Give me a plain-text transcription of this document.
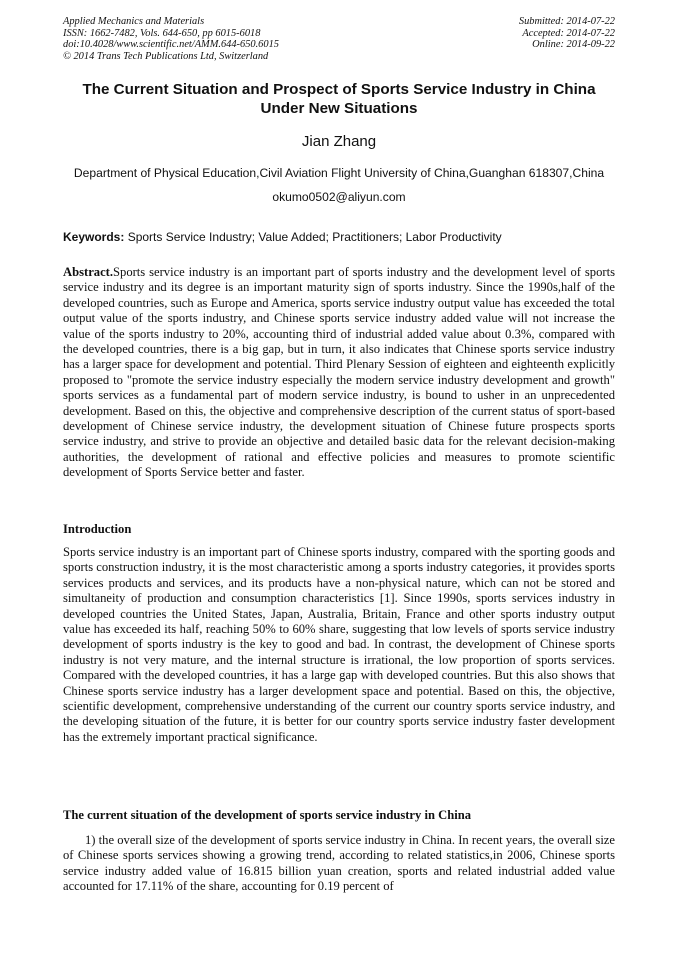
Applied Mechanics and Materials
ISSN: 1662-7482, Vols. 644-650, pp 6015-6018
doi:10.4028/www.scientific.net/AMM.644-650.6015
© 2014 Trans Tech Publications Ltd, Switzerland
Submitted: 2014-07-22
Accepted: 2014-07-22
Online: 2014-09-22
The Current Situation and Prospect of Sports Service Industry in China
Under New Situations
Jian Zhang
Department of Physical Education,Civil Aviation Flight University of China,Guanghan 618307,China
okumo0502@aliyun.com
Keywords: Sports Service Industry; Value Added; Practitioners; Labor Productivity

Abstract.Sports service industry is an important part of sports industry and the development level of sports service industry and its degree is an important maturity sign of sports industry. Since the 1990s,half of the developed countries, such as Europe and America, sports service industry output value has exceeded the total output value of the sports industry, and Chinese sports service industry added value will not increase the value of the sports industry to 20%, accounting third of industrial added value about 0.3%, compared with the developed countries, there is a big gap, but in turn, it also indicates that Chinese sports service industry has a larger space for development and potential. Third Plenary Session of eighteen and eighteenth explicitly proposed to "promote the service industry especially the modern service industry development and growth" sports services as a fundamental part of modern service industry, is bound to usher in an unprecedented development. Based on this, the objective and comprehensive description of the current status of sport-based development of Chinese service industry, the development situation of Chinese future prospects sports service industry, and strive to provide an objective and detailed basic data for the relevant decision-making authorities, the development of rational and effective policies and measures to promote scientific development of Sports Service better and faster.

Introduction

Sports service industry is an important part of Chinese sports industry, compared with the sporting goods and sports construction industry, it is the most characteristic among a sports industry categories, it provides sports services products and services, and its products have a non-physical nature, which can not be stored and simultaneity of production and consumption characteristics [1]. Since 1990s, sports services industry in developed countries the United States, Japan, Australia, Britain, France and other sports industry output value has exceeded its half, reaching 50% to 60% share, suggesting that low levels of sports service industry development of sports industry is the key to good and bad. In contrast, the development of Chinese sports industry is not very mature, and the internal structure is irrational, the low proportion of sports services. Compared with the developed countries, it has a large gap with developed countries. But this also shows that Chinese sports service industry has a larger development space and potential. Based on this, the objective, scientific development, comprehensive understanding of the current our country sports service industry, and the developing situation of the future, it is better for our country sports service industry faster development has the extremely important practical significance.

The current situation of the development of sports service industry in China

1) the overall size of the development of sports service industry in China. In recent years, the overall size of Chinese sports services showing a growing trend, according to related statistics,in 2006, Chinese sports service industry added value of 16.815 billion yuan creation, sports and related industrial added value accounted for 17.11% of the share, accounting for 0.19 percent of
